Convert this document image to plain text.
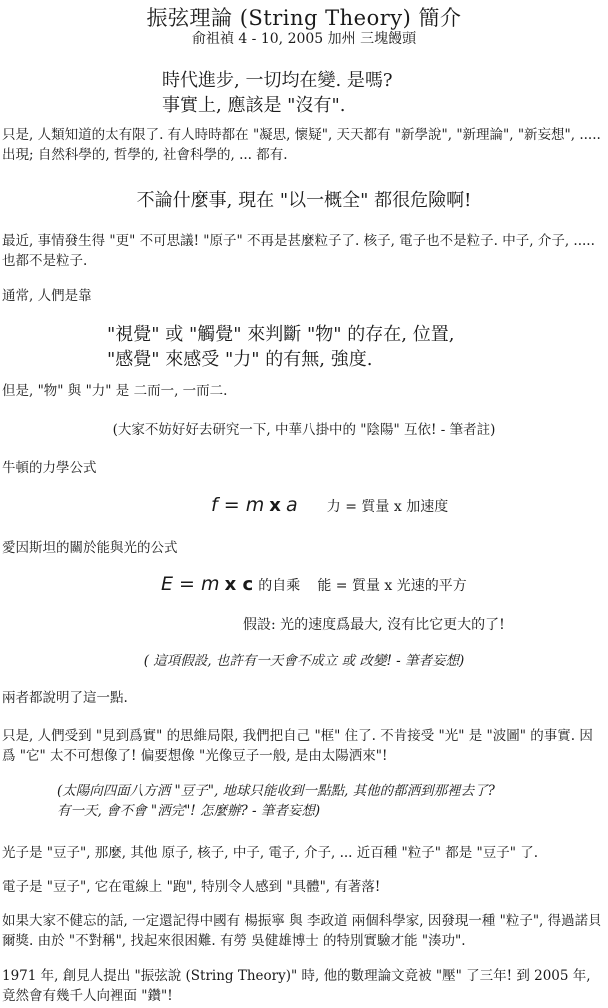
振弦理論 (String Theory) 簡介
俞祖禎 4 - 10, 2005 加州 三塊饅頭
時代進步, 一切均在變. 是嗎?
事實上, 應該是 "沒有".
只是, 人類知道的太有限了. 有人時時都在 "凝思, 懷疑", 天天都有 "新學說", "新理論", "新妄想", ..... 出現; 自然科學的, 哲學的, 社會科學的, ... 都有.
不論什麼事, 現在 "以一概全" 都很危險啊!
最近, 事情發生得 "更" 不可思議! "原子" 不再是甚麼粒子了. 核子, 電子也不是粒子. 中子, 介子, ..... 也都不是粒子.
通常, 人們是靠
"視覺" 或 "觸覺" 來判斷 "物" 的存在, 位置,
"感覺" 來感受 "力" 的有無, 強度.
但是, "物" 與 "力" 是 二而一, 一而二.
(大家不妨好好去研究一下, 中華八掛中的 "陰陽" 互依! - 筆者註)
牛頓的力學公式
f = m x a 力 = 質量 x 加速度
愛因斯坦的關於能與光的公式
E = m x c 的自乘 能 = 質量 x 光速的平方
假設: 光的速度爲最大, 沒有比它更大的了!
( 這項假設, 也許有一天會不成立 或 改變! - 筆者妄想)
兩者都說明了這一點.
只是, 人們受到 "見到爲實" 的思維局限, 我們把自己 "框" 住了. 不肯接受 "光" 是 "波圖" 的事實. 因爲 "它" 太不可想像了! 偏要想像 "光像豆子一般, 是由太陽洒來"!
(太陽向四面八方洒 "豆子", 地球只能收到一點點, 其他的都洒到那裡去了?
有一天, 會不會 "洒完"! 怎麼辦? - 筆者妄想)
光子是 "豆子", 那麼, 其他 原子, 核子, 中子, 電子, 介子, ... 近百種 "粒子" 都是 "豆子" 了.
電子是 "豆子", 它在電線上 "跑", 特別令人感到 "具體", 有著落!
如果大家不健忘的話, 一定還記得中國有 楊振寧 與 李政道 兩個科學家, 因發現一種 "粒子", 得過諾貝爾獎. 由於 "不對稱", 找起來很困難. 有勞 吳健雄博士 的特別實驗才能 "湊功".
1971 年, 創見人提出 "振弦說 (String Theory)" 時, 他的數理論文竟被 "壓" 了三年! 到 2005 年, 竟然會有幾千人向裡面 "鑽"!
